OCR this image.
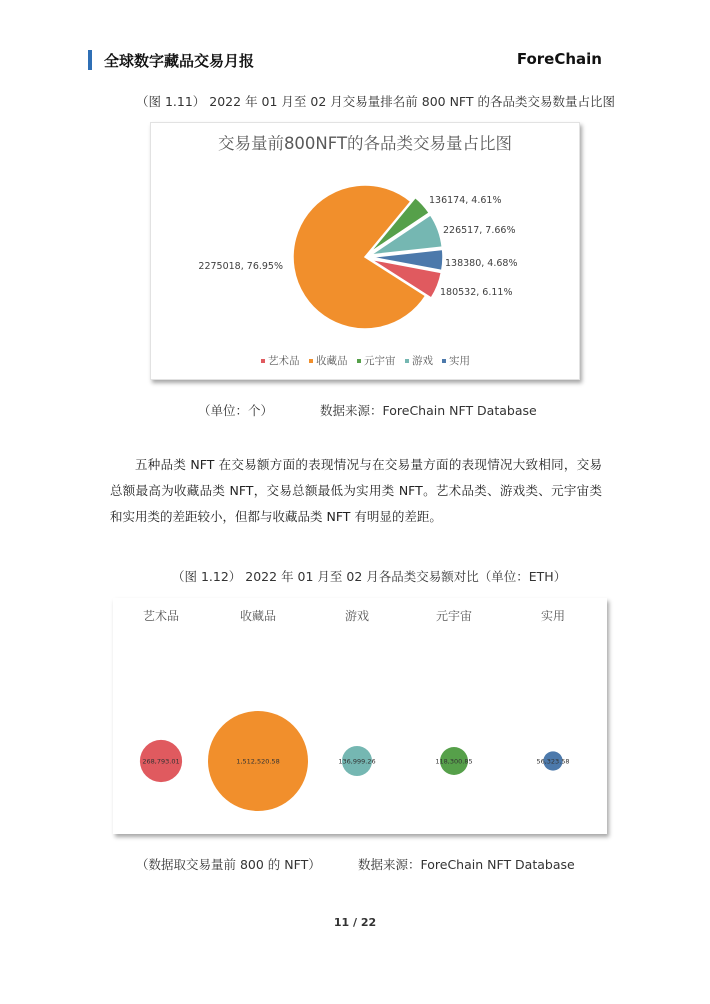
全球数字藏品交易月报	ForeChain
（图 1.11） 2022 年 01 月至 02 月交易量排名前 800 NFT 的各品类交易数量占比图
交易量前800NFT的各品类交易量占比图
136174, 4.61%
226517, 7.66%
138380, 4.68%
180532, 6.11%
2275018, 76.95%
艺术品 收藏品 元宇宙 游戏 实用
（单位：个）	数据来源：ForeChain NFT Database

五种品类 NFT 在交易额方面的表现情况与在交易量方面的表现情况大致相同，交易总额最高为收藏品类 NFT，交易总额最低为实用类 NFT。艺术品类、游戏类、元宇宙类和实用类的差距较小，但都与收藏品类 NFT 有明显的差距。

（图 1.12） 2022 年 01 月至 02 月各品类交易额对比（单位：ETH）
艺术品	收藏品	游戏	元宇宙	实用
268,793.01	1,512,520.58	136,999.26	118,300.85	56,323.58
（数据取交易量前 800 的 NFT）	数据来源：ForeChain NFT Database
11 / 22
